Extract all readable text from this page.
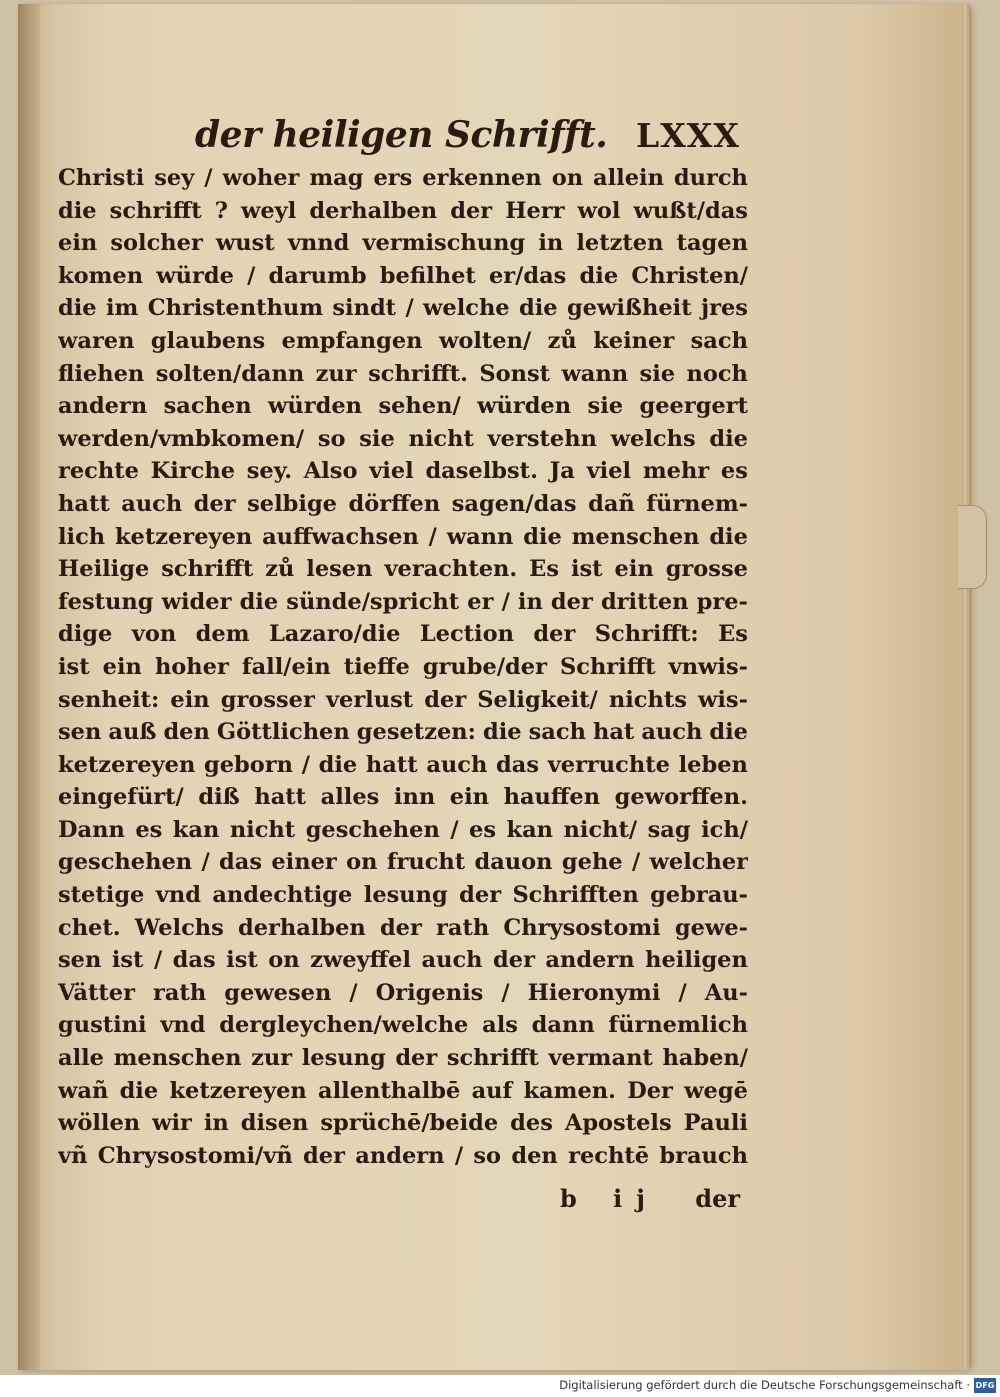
der heiligen Schrifft. LXXX
Christi sey / woher mag ers erkennen on allein durch
die schrifft ? weyl derhalben der Herr wol wußt/das
ein solcher wust vnnd vermischung in letzten tagen
komen würde / darumb befilhet er/das die Christen/
die im Christenthum sindt / welche die gewißheit jres
waren glaubens empfangen wolten/ zů keiner sach
fliehen solten/dann zur schrifft. Sonst wann sie noch
andern sachen würden sehen/ würden sie geergert
werden/vmbkomen/ so sie nicht verstehn welchs die
rechte Kirche sey. Also viel daselbst. Ja viel mehr es
hatt auch der selbige dörffen sagen/das dañ fürnem-
lich ketzereyen auffwachsen / wann die menschen die
Heilige schrifft zů lesen verachten. Es ist ein grosse
festung wider die sünde/spricht er / in der dritten pre-
dige von dem Lazaro/die Lection der Schrifft: Es
ist ein hoher fall/ein tieffe grube/der Schrifft vnwis-
senheit: ein grosser verlust der Seligkeit/ nichts wis-
sen auß den Göttlichen gesetzen: die sach hat auch die
ketzereyen geborn / die hatt auch das verruchte leben
eingefürt/ diß hatt alles inn ein hauffen geworffen.
Dann es kan nicht geschehen / es kan nicht/ sag ich/
geschehen / das einer on frucht dauon gehe / welcher
stetige vnd andechtige lesung der Schrifften gebrau-
chet. Welchs derhalben der rath Chrysostomi gewe-
sen ist / das ist on zweyffel auch der andern heiligen
Vätter rath gewesen / Origenis / Hieronymi / Au-
gustini vnd dergleychen/welche als dann fürnemlich
alle menschen zur lesung der schrifft vermant haben/
wañ die ketzereyen allenthalbē auf kamen. Der wegē
wöllen wir in disen sprüchē/beide des Apostels Pauli
vñ Chrysostomi/vñ der andern / so den rechtē brauch
b ij der
Digitalisierung gefördert durch die Deutsche Forschungsgemeinschaft · DFG
